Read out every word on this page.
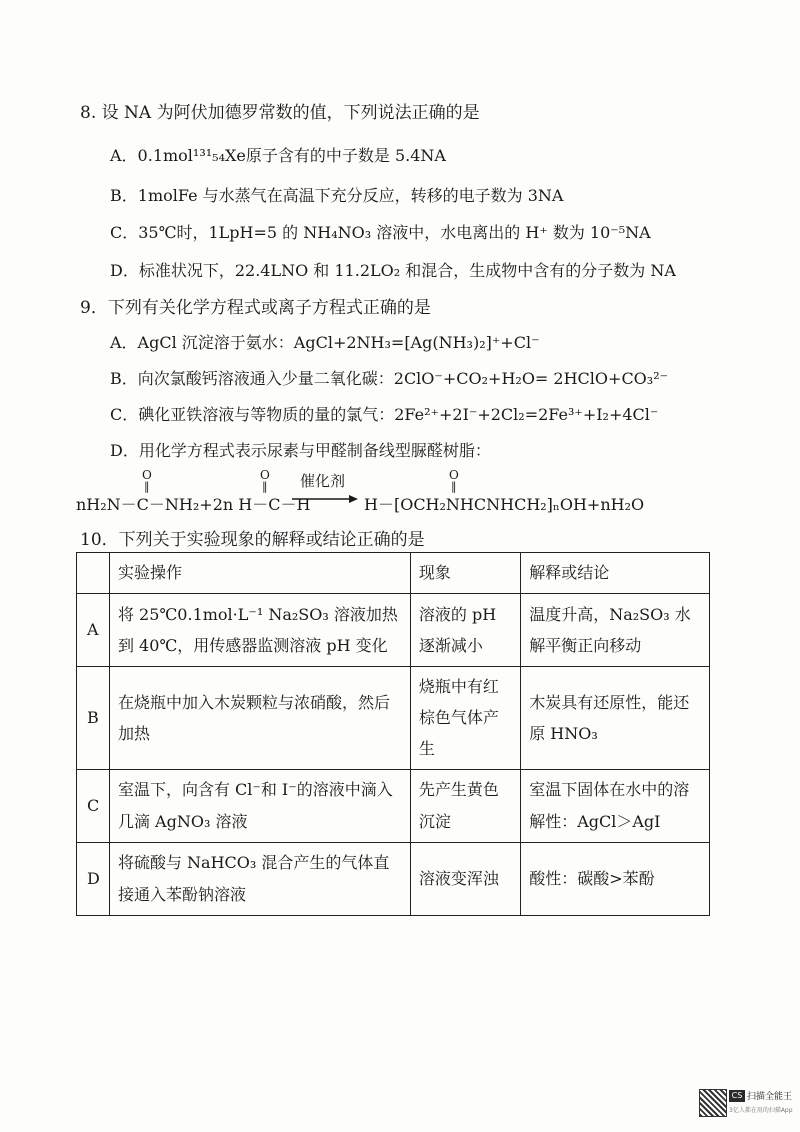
8. 设 NA 为阿伏加德罗常数的值，下列说法正确的是
A．0.1mol¹³¹₅₄Xe原子含有的中子数是 5.4NA
B．1molFe 与水蒸气在高温下充分反应，转移的电子数为 3NA
C．35℃时，1LpH=5 的 NH₄NO₃ 溶液中，水电离出的 H⁺ 数为 10⁻⁵NA
D．标准状况下，22.4LNO 和 11.2LO₂ 和混合，生成物中含有的分子数为 NA
9．下列有关化学方程式或离子方程式正确的是
A．AgCl 沉淀溶于氨水：AgCl+2NH₃=[Ag(NH₃)₂]⁺+Cl⁻
B．向次氯酸钙溶液通入少量二氧化碳：2ClO⁻+CO₂+H₂O= 2HClO+CO₃²⁻
C．碘化亚铁溶液与等物质的量的氯气：2Fe²⁺+2I⁻+2Cl₂=2Fe³⁺+I₂+4Cl⁻
D．用化学方程式表示尿素与甲醛制备线型脲醛树脂：
O
‖
O
‖
O
‖
nH₂N－C－NH₂+2n H－C－H
催化剂
H－[OCH₂NHCNHCH₂]ₙOH+nH₂O
10．下列关于实验现象的解释或结论正确的是
	实验操作	现象	解释或结论
A	将 25℃0.1mol·L⁻¹ Na₂SO₃ 溶液加热到 40℃，用传感器监测溶液 pH 变化	溶液的 pH 逐渐减小	温度升高，Na₂SO₃ 水解平衡正向移动
B	在烧瓶中加入木炭颗粒与浓硝酸，然后加热	烧瓶中有红棕色气体产生	木炭具有还原性，能还原 HNO₃
C	室温下，向含有 Cl⁻和 I⁻的溶液中滴入几滴 AgNO₃ 溶液	先产生黄色沉淀	室温下固体在水中的溶解性：AgCl＞AgI
D	将硫酸与 NaHCO₃ 混合产生的气体直接通入苯酚钠溶液	溶液变浑浊	酸性：碳酸>苯酚
CS 扫描全能王
3亿人都在用的扫描App
